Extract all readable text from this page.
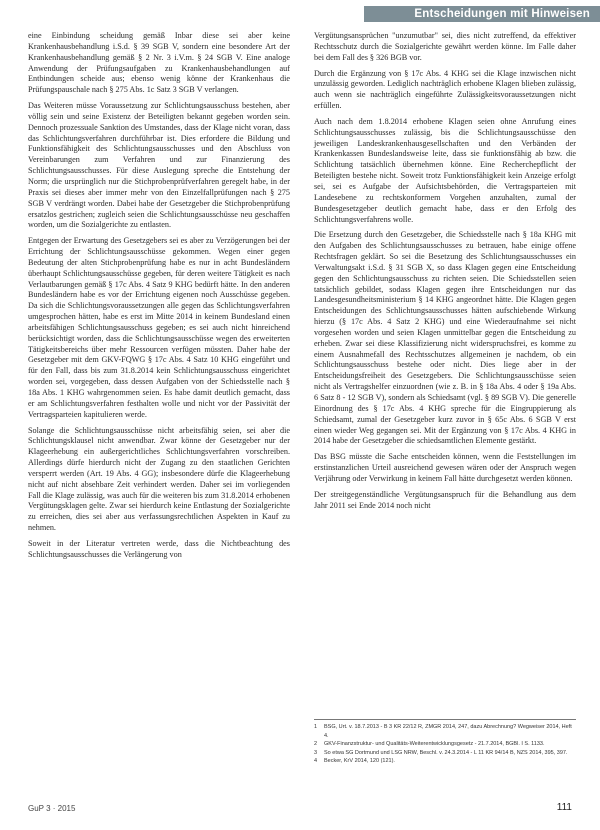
Entscheidungen mit Hinweisen

eine Einbindung scheidung gemäß Inbar diese sei aber keine Krankenhausbehandlung i.S.d. § 39 SGB V, sondern eine besondere Art der Krankenhausbehandlung gemäß § 2 Nr. 3 i.V.m. § 24 SGB V. Eine analoge Anwendung der Prüfungsaufgaben zu Krankenhausbehandlungen auf Entbindungen scheide aus; ebenso wenig könne der Krankenhaus die Prüfungspauschale nach § 275 Abs. 1c Satz 3 SGB V verlangen.

Das Weiteren müsse Voraussetzung zur Schlichtungsausschuss bestehen, aber völlig sein und seine Existenz der Beteiligten bekannt gegeben worden sein. Dennoch prozessuale Sanktion des Umstandes, dass der Klage nicht voran, dass das Schlichtungsverfahren durchführbar ist. Dies erfordere die Bildung und Funktionsfähigkeit des Schlichtungsausschusses und den Abschluss von Vereinbarungen zum Verfahren und zur Finanzierung des Schlichtungsausschusses. Für diese Auslegung spreche die Entstehung der Norm; die ursprünglich nur die Stichprobenprüfverfahren geregelt habe, in der Praxis sei dieses aber immer mehr von den Einzelfallprüfungen nach § 275 SGB V verdrängt worden. Dabei habe der Gesetzgeber die Stichprobenprüfung ersatzlos gestrichen; zugleich seien die Schlichtungsausschüsse neu geschaffen worden, um die Sozialgerichte zu entlasten.

Entgegen der Erwartung des Gesetzgebers sei es aber zu Verzögerungen bei der Errichtung der Schlichtungsausschüsse gekommen. Wegen einer gegen Bedeutung der alten Stichprobenprüfung habe es nur in acht Bundesländern überhaupt Schlichtungsausschüsse gegeben, für deren weitere Tätigkeit es nach Verlautbarungen gemäß § 17c Abs. 4 Satz 9 KHG bedürft hätte. In den anderen Bundesländern habe es vor der Errichtung eigenen noch Ausschüsse gegeben. Da sich die Schlichtungsvoraussetzungen alle gegen das Schlichtungsverfahren umgesprochen hätten, habe es erst im Mitte 2014 in keinem Bundesland einen arbeitsfähigen Schlichtungsausschuss gegeben; es sei auch nicht hinreichend berücksichtigt worden, dass die Schlichtungsausschüsse wegen des erweiterten Tätigkeitsbereichs über mehr Ressourcen verfügen müssten. Daher habe der Gesetzgeber mit dem GKV-FQWG § 17c Abs. 4 Satz 10 KHG eingeführt und für den Fall, dass bis zum 31.8.2014 kein Schlichtungsausschuss eingerichtet worden sei, vorgegeben, dass dessen Aufgaben von der Schiedsstelle nach § 18a Abs. 1 KHG wahrgenommen seien. Es habe damit deutlich gemacht, dass er am Schlichtungsverfahren festhalten wolle und nicht vor der Passivität der Vertragsparteien kapitulieren werde.

Solange die Schlichtungsausschüsse nicht arbeitsfähig seien, sei aber die Schlichtungsklausel nicht anwendbar. Zwar könne der Gesetzgeber nur der Klageerhebung ein außergerichtliches Schlichtungsverfahren vorschreiben. Allerdings dürfe hierdurch nicht der Zugang zu den staatlichen Gerichten versperrt werden (Art. 19 Abs. 4 GG); insbesondere dürfe die Klageerhebung nicht auf nicht absehbare Zeit verhindert werden. Daher sei im vorliegenden Fall die Klage zulässig, was auch für die weiteren bis zum 31.8.2014 erhobenen Vergütungsklagen gelte. Zwar sei hierdurch keine Entlastung der Sozialgerichte zu erreichen, dies sei aber aus verfassungsrechtlichen Aspekten in Kauf zu nehmen.

Soweit in der Literatur vertreten werde, dass die Nichtbeachtung des Schlichtungsausschusses die Verlängerung von

Vergütungsansprüchen "unzumutbar" sei, dies nicht zutreffend, da effektiver Rechtsschutz durch die Sozialgerichte gewährt werden könne. Im Falle daher bei dem Fall des § 326 BGB vor.

Durch die Ergänzung von § 17c Abs. 4 KHG sei die Klage inzwischen nicht unzulässig geworden. Lediglich nachträglich erhobene Klagen blieben zulässig, auch wenn sie nachträglich eingeführte Zulässigkeitsvoraussetzungen nicht erfüllen.

Auch nach dem 1.8.2014 erhobene Klagen seien ohne Anrufung eines Schlichtungsausschusses zulässig, bis die Schlichtungsausschüsse den jeweiligen Landeskrankenhausgesellschaften und den Verbänden der Krankenkassen Bundeslandsweise leite, dass sie funktionsfähig ab bzw. die Schlichtung tatsächlich übernehmen könne. Eine Recherchepflicht der Beteiligten bestehe nicht. Soweit trotz Funktionsfähigkeit kein Anzeige erfolgt sei, sei es Aufgabe der Aufsichtsbehörden, die Vertragsparteien mit Landesebene zu rechtskonformem Vorgehen anzuhalten, zumal der Bundesgesetzgeber deutlich gemacht habe, dass er den Erfolg des Schlichtungsverfahrens wolle.

Die Ersetzung durch den Gesetzgeber, die Schiedsstelle nach § 18a KHG mit den Aufgaben des Schlichtungsausschusses zu betrauen, habe einige offene Rechtsfragen geklärt. So sei die Besetzung des Schlichtungsausschusses ein Verwaltungsakt i.S.d. § 31 SGB X, so dass Klagen gegen eine Entscheidung gegen den Schlichtungsausschuss zu richten seien. Die Schiedsstellen seien tatsächlich gebildet, sodass Klagen gegen ihre Entscheidungen nur das Landesgesundheitsministerium § 14 KHG angeordnet hätte. Die Klagen gegen Entscheidungen des Schlichtungsausschusses hätten aufschiebende Wirkung hierzu (§ 17c Abs. 4 Satz 2 KHG) und eine Wiederaufnahme sei nicht vorgesehen worden und seien Klagen unmittelbar gegen die Entscheidung zu erheben. Zwar sei diese Klassifizierung nicht widerspruchsfrei, es komme zu einem Ausnahmefall des Rechtsschutzes allgemeinen je nachdem, ob ein Schlichtungsausschuss bestehe oder nicht. Dies liege aber in der Entscheidungsfreiheit des Gesetzgebers. Die Schlichtungsausschüsse seien nicht als Vertragshelfer einzuordnen (wie z. B. in § 18a Abs. 4 oder § 19a Abs. 6 Satz 8 - 12 SGB V), sondern als Schiedsamt (vgl. § 89 SGB V). Die generelle Einordnung des § 17c Abs. 4 KHG spreche für die Eingruppierung als Schiedsamt, zumal der Gesetzgeber kurz zuvor in § 65c Abs. 6 SGB V erst einen wieder Weg gegangen sei. Mit der Ergänzung von § 17c Abs. 4 KHG in 2014 habe der Gesetzgeber die schiedsamtlichen Elemente gestärkt.

Das BSG müsste die Sache entscheiden können, wenn die Feststellungen im erstinstanzlichen Urteil ausreichend gewesen wären oder der Anspruch wegen Verjährung oder Verwirkung in keinem Fall hätte durchgesetzt werden können.

Der streitgegenständliche Vergütungsanspruch für die Behandlung aus dem Jahr 2011 sei Ende 2014 noch nicht

1	BSG, Urt. v. 18.7.2013 - B 3 KR 22/12 R, ZMGR 2014, 247, dazu Abrechnung? Wegweiser 2014, Heft 4.
2	GKV-Finanzstruktur- und Qualitäts-Weiterentwicklungsgesetz - 21.7.2014, BGBl. I S. 1133.
3	So etwa SG Dortmund und LSG NRW, Beschl. v. 24.3.2014 - L 11 KR 94/14 B, NZS 2014, 395, 397.
4	Becker, KrV 2014, 120 (121).
GuP 3 · 2015	111
